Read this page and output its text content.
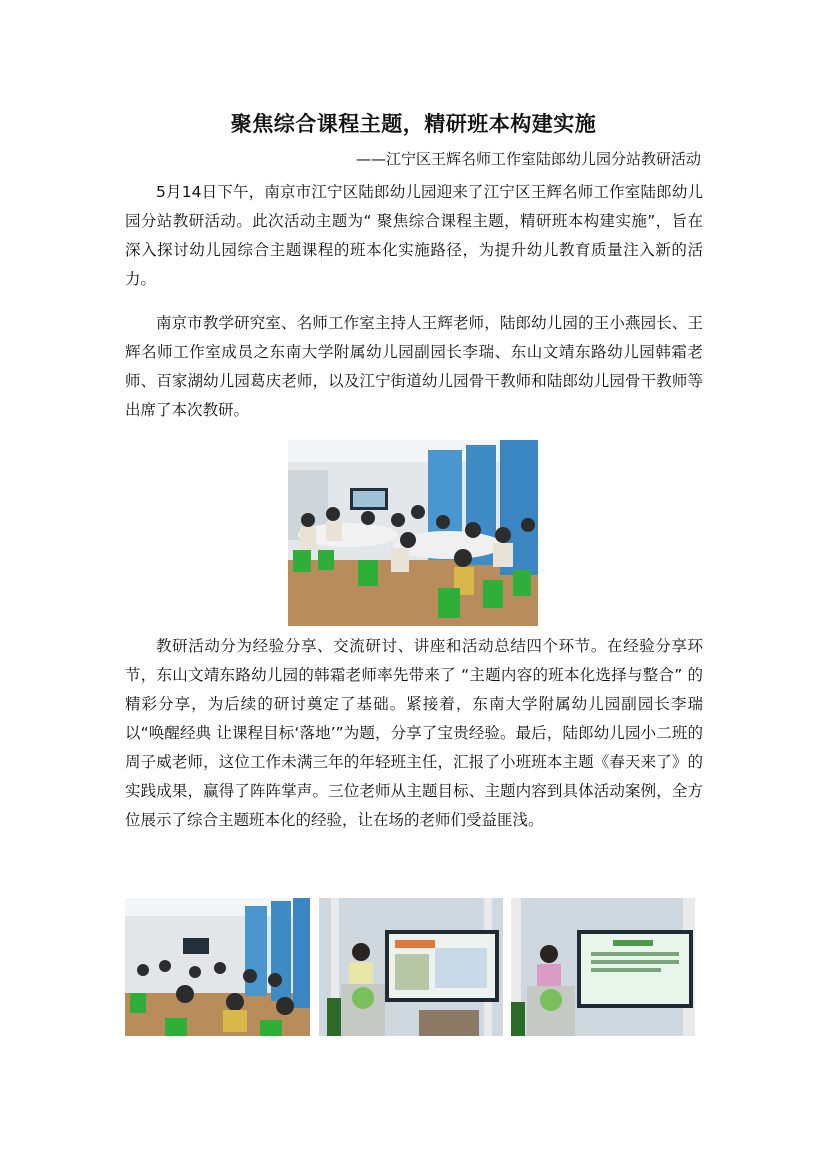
聚焦综合课程主题，精研班本构建实施
——江宁区王辉名师工作室陆郎幼儿园分站教研活动

5月14日下午，南京市江宁区陆郎幼儿园迎来了江宁区王辉名师工作室陆郎幼儿园分站教研活动。此次活动主题为“ 聚焦综合课程主题，精研班本构建实施”，旨在深入探讨幼儿园综合主题课程的班本化实施路径，为提升幼儿教育质量注入新的活力。

南京市教学研究室、名师工作室主持人王辉老师，陆郎幼儿园的王小燕园长、王辉名师工作室成员之东南大学附属幼儿园副园长李瑞、东山文靖东路幼儿园韩霜老师、百家湖幼儿园葛庆老师，以及江宁街道幼儿园骨干教师和陆郎幼儿园骨干教师等出席了本次教研。

教研活动分为经验分享、交流研讨、讲座和活动总结四个环节。在经验分享环节，东山文靖东路幼儿园的韩霜老师率先带来了 “主题内容的班本化选择与整合” 的精彩分享，为后续的研讨奠定了基础。紧接着，东南大学附属幼儿园副园长李瑞以“唤醒经典 让课程目标‘落地’”为题，分享了宝贵经验。最后，陆郎幼儿园小二班的周子威老师，这位工作未满三年的年轻班主任，汇报了小班班本主题《春天来了》的实践成果，赢得了阵阵掌声。三位老师从主题目标、主题内容到具体活动案例，全方位展示了综合主题班本化的经验，让在场的老师们受益匪浅。
